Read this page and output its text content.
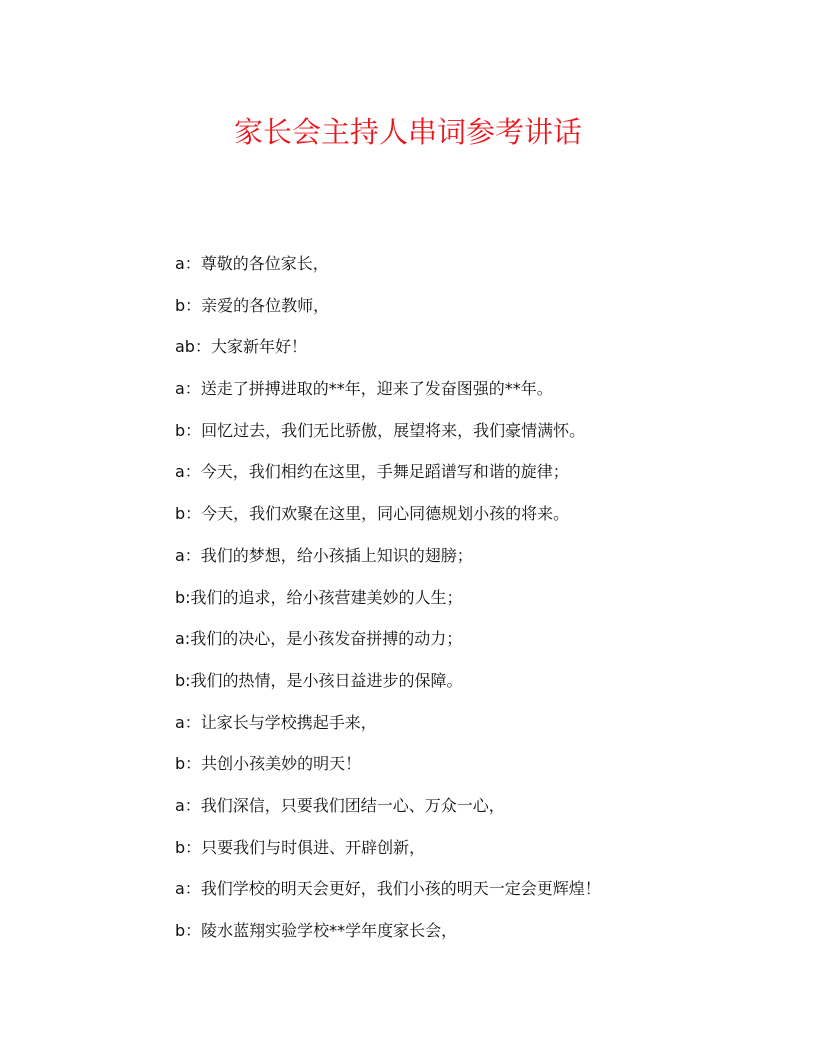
家长会主持人串词参考讲话
a：尊敬的各位家长，
b：亲爱的各位教师，
ab：大家新年好！
a：送走了拼搏进取的**年，迎来了发奋图强的**年。
b：回忆过去，我们无比骄傲，展望将来，我们豪情满怀。
a：今天，我们相约在这里，手舞足蹈谱写和谐的旋律；
b：今天，我们欢聚在这里，同心同德规划小孩的将来。
a：我们的梦想，给小孩插上知识的翅膀；
b:我们的追求，给小孩营建美妙的人生；
a:我们的决心，是小孩发奋拼搏的动力；
b:我们的热情，是小孩日益进步的保障。
a：让家长与学校携起手来，
b：共创小孩美妙的明天！
a：我们深信，只要我们团结一心、万众一心，
b：只要我们与时俱进、开辟创新，
a：我们学校的明天会更好，我们小孩的明天一定会更辉煌！
b：陵水蓝翔实验学校**学年度家长会，
